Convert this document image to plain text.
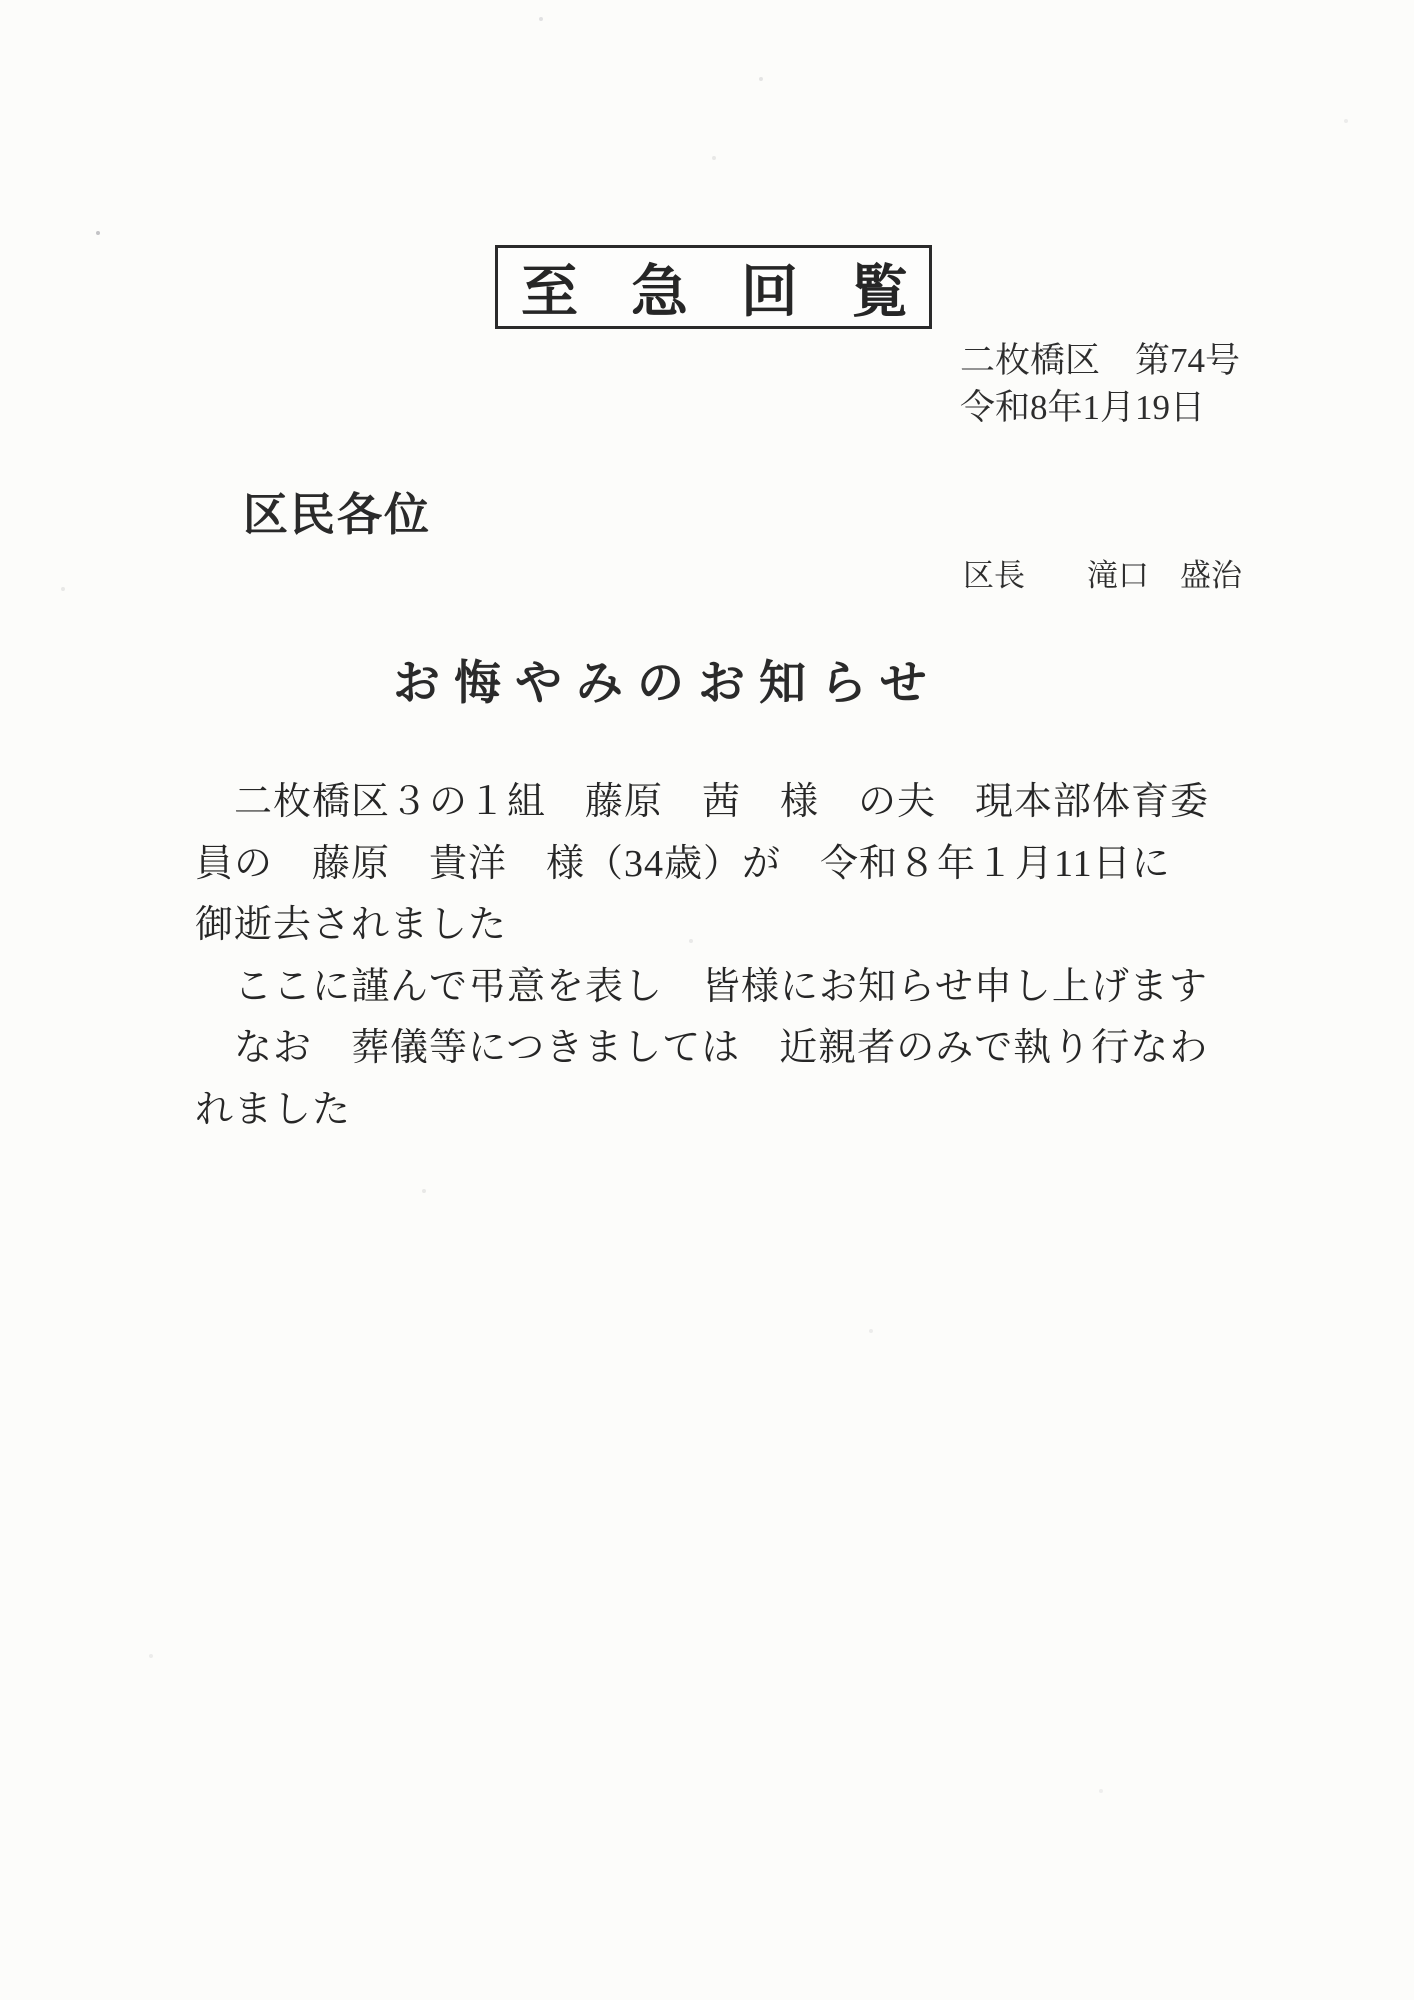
至　急　回　覧
二枚橋区　第74号
令和8年1月19日
区民各位
区長　　滝口　盛治
お悔やみのお知らせ
　二枚橋区３の１組　藤原　茜　様　の夫　現本部体育委
員の　藤原　貴洋　様（34歳）が　令和８年１月11日に
御逝去されました
　ここに謹んで弔意を表し　皆様にお知らせ申し上げます
　なお　葬儀等につきましては　近親者のみで執り行なわ
れました
